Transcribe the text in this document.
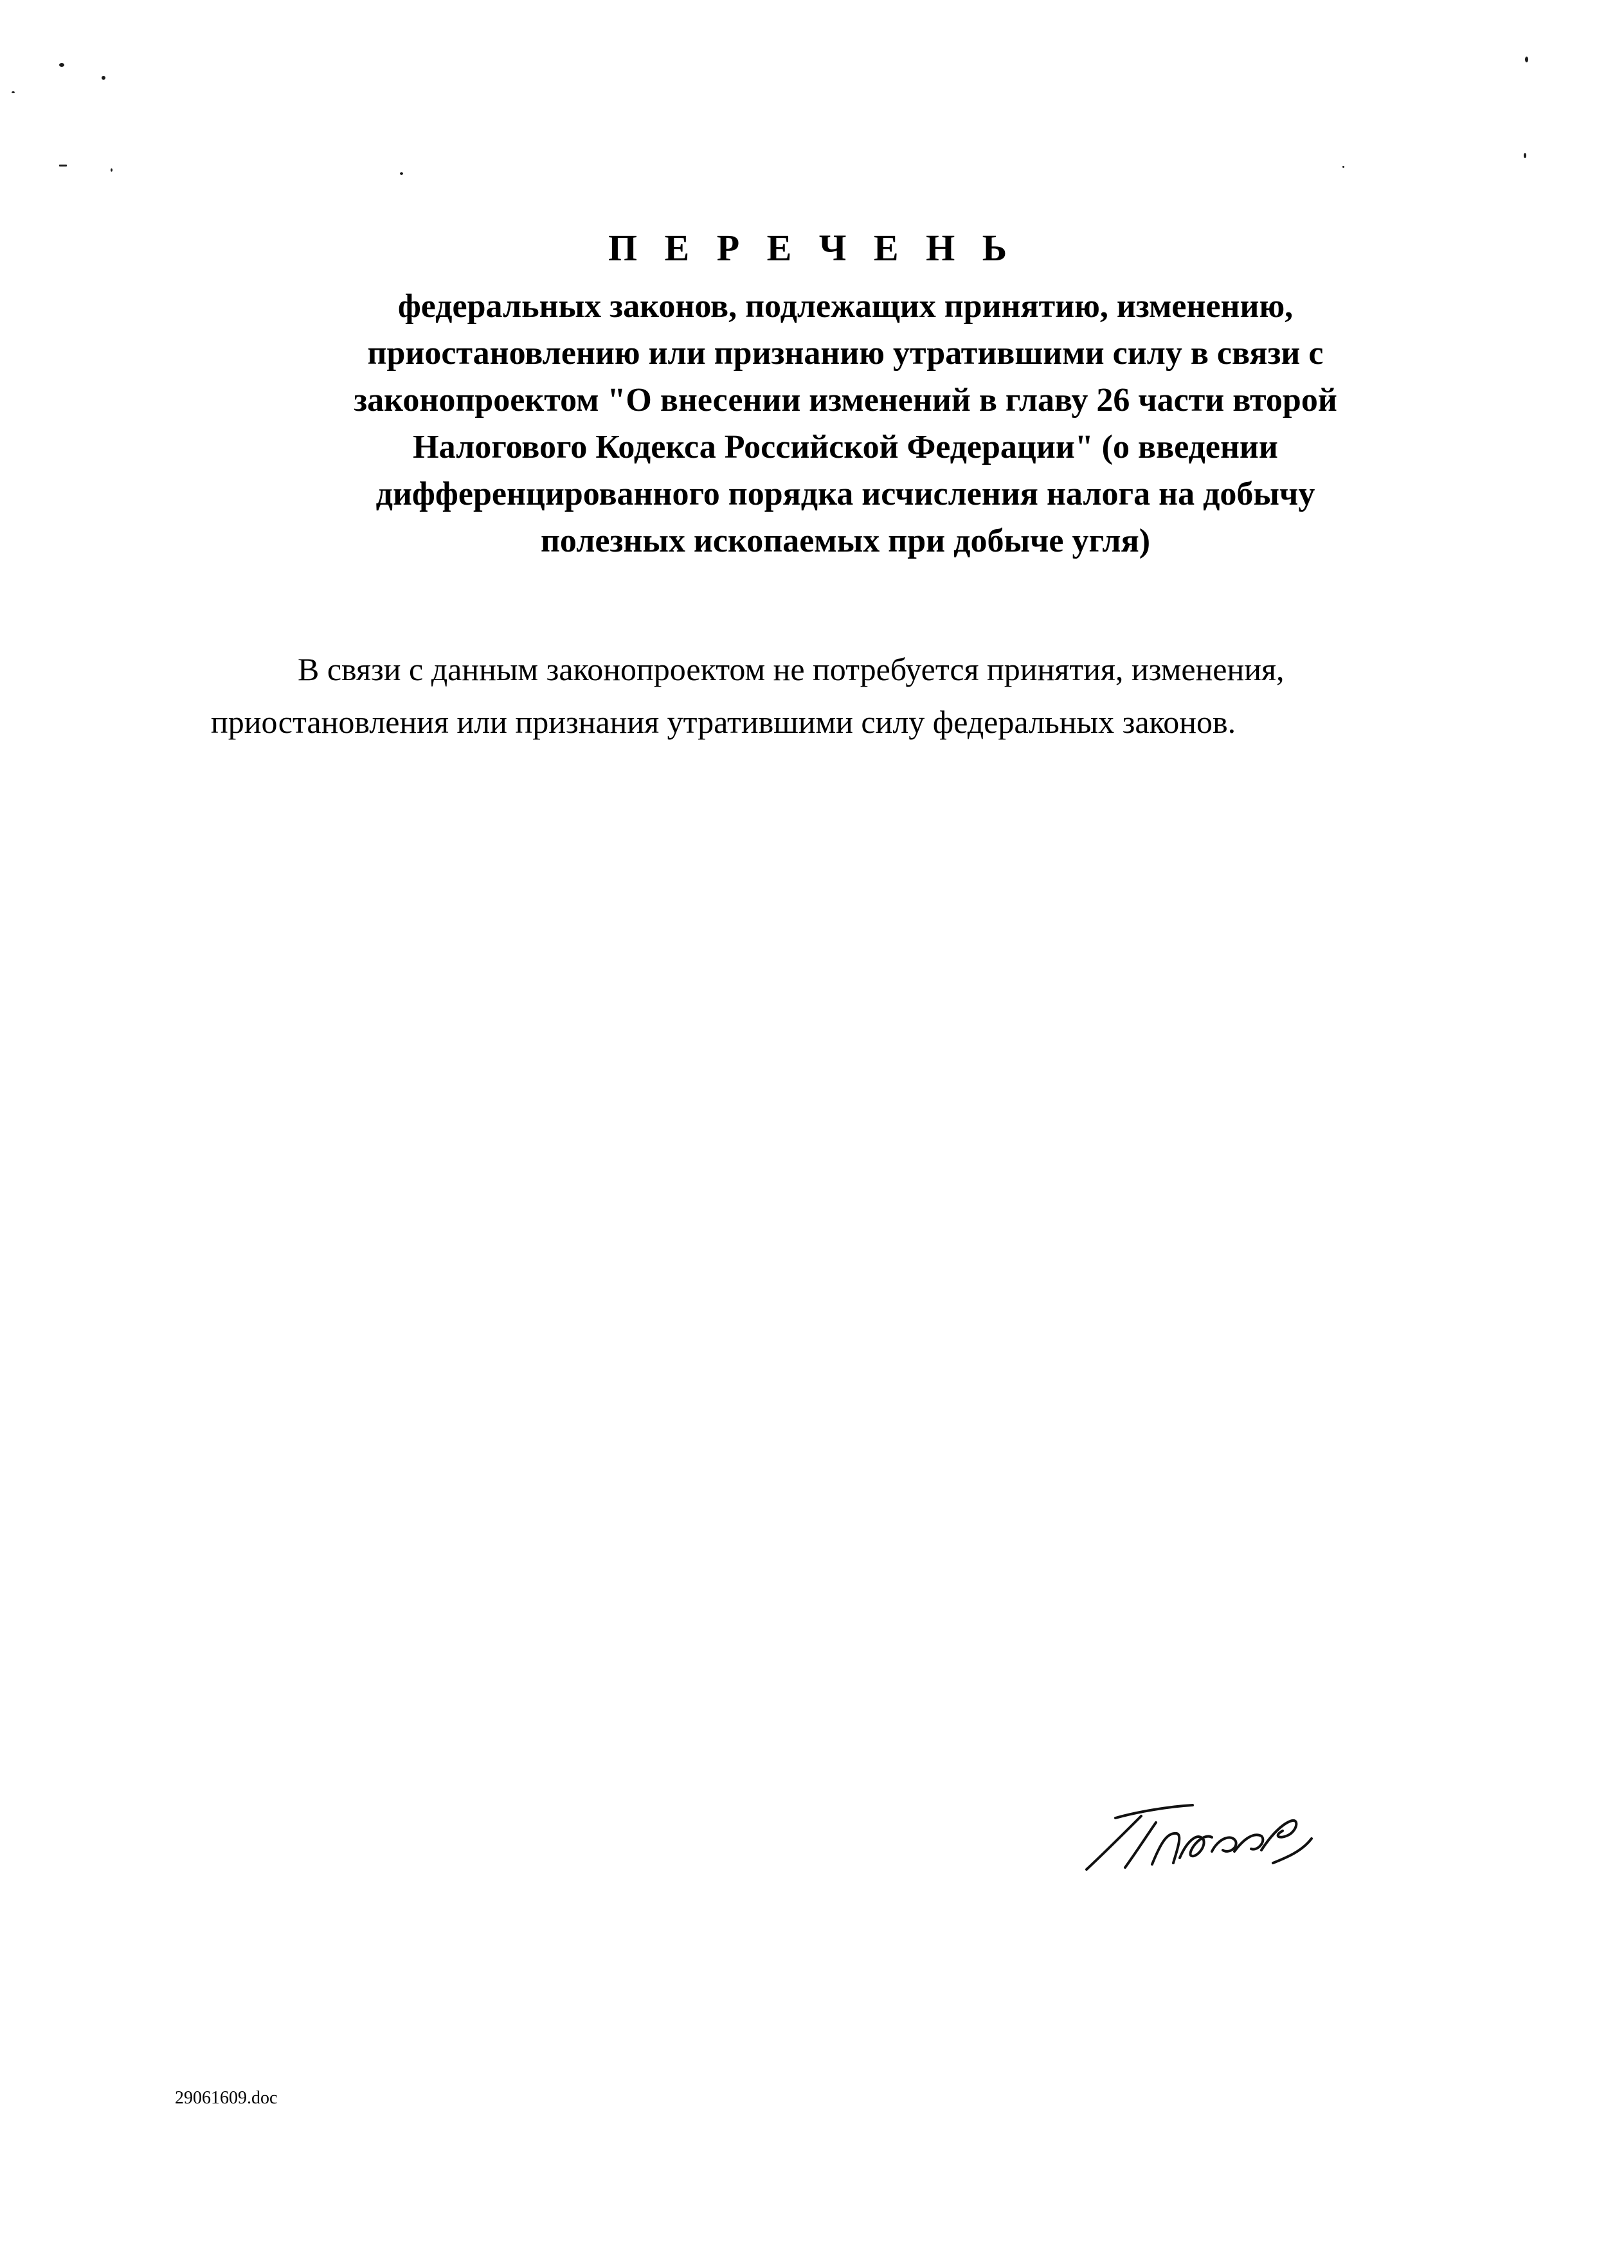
П Е Р Е Ч Е Н Ь
федеральных законов, подлежащих принятию, изменению,
приостановлению или признанию утратившими силу в связи с
законопроектом "О внесении изменений в главу 26 части второй
Налогового Кодекса Российской Федерации" (о введении
дифференцированного порядка исчисления налога на добычу
полезных ископаемых при добыче угля)
В связи с данным законопроектом не потребуется принятия, изменения,
приостановления или признания утратившими силу федеральных законов.
29061609.doc
